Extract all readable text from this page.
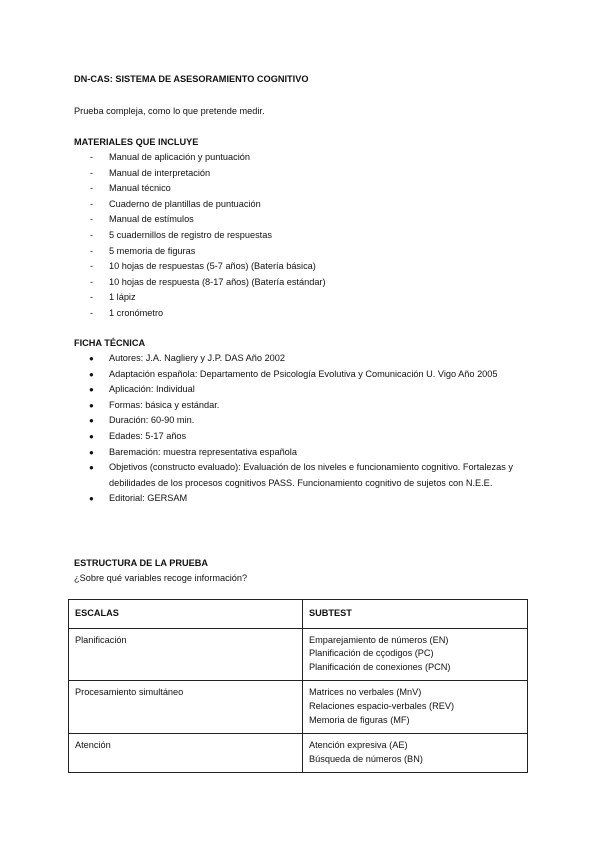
DN-CAS: SISTEMA DE ASESORAMIENTO COGNITIVO
Prueba compleja, como lo que pretende medir.
MATERIALES QUE INCLUYE
- Manual de aplicación y puntuación
- Manual de interpretación
- Manual técnico
- Cuaderno de plantillas de puntuación
- Manual de estímulos
- 5 cuadernillos de registro de respuestas
- 5 memoria de figuras
- 10 hojas de respuestas (5-7 años) (Batería básica)
- 10 hojas de respuesta (8-17 años) (Batería estándar)
- 1 lápiz
- 1 cronómetro
FICHA TÉCNICA
● Autores: J.A. Nagliery y J.P. DAS Año 2002
● Adaptación española: Departamento de Psicología Evolutiva y Comunicación U. Vigo Año 2005
● Aplicación: Individual
● Formas: básica y estándar.
● Duración: 60-90 min.
● Edades: 5-17 años
● Baremación: muestra representativa española
● Objetivos (constructo evaluado): Evaluación de los niveles e funcionamiento cognitivo. Fortalezas y debilidades de los procesos cognitivos PASS. Funcionamiento cognitivo de sujetos con N.E.E.
● Editorial: GERSAM
ESTRUCTURA DE LA PRUEBA
¿Sobre qué variables recoge información?
ESCALAS	SUBTEST
Planificación	Emparejamiento de números (EN)
Planificación de cçodigos (PC)
Planificación de conexiones (PCN)

Procesamiento simultáneo	Matrices no verbales (MnV)
Relaciones espacio-verbales (REV)
Memoria de figuras (MF)

Atención	Atención expresiva (AE)
Búsqueda de números (BN)
